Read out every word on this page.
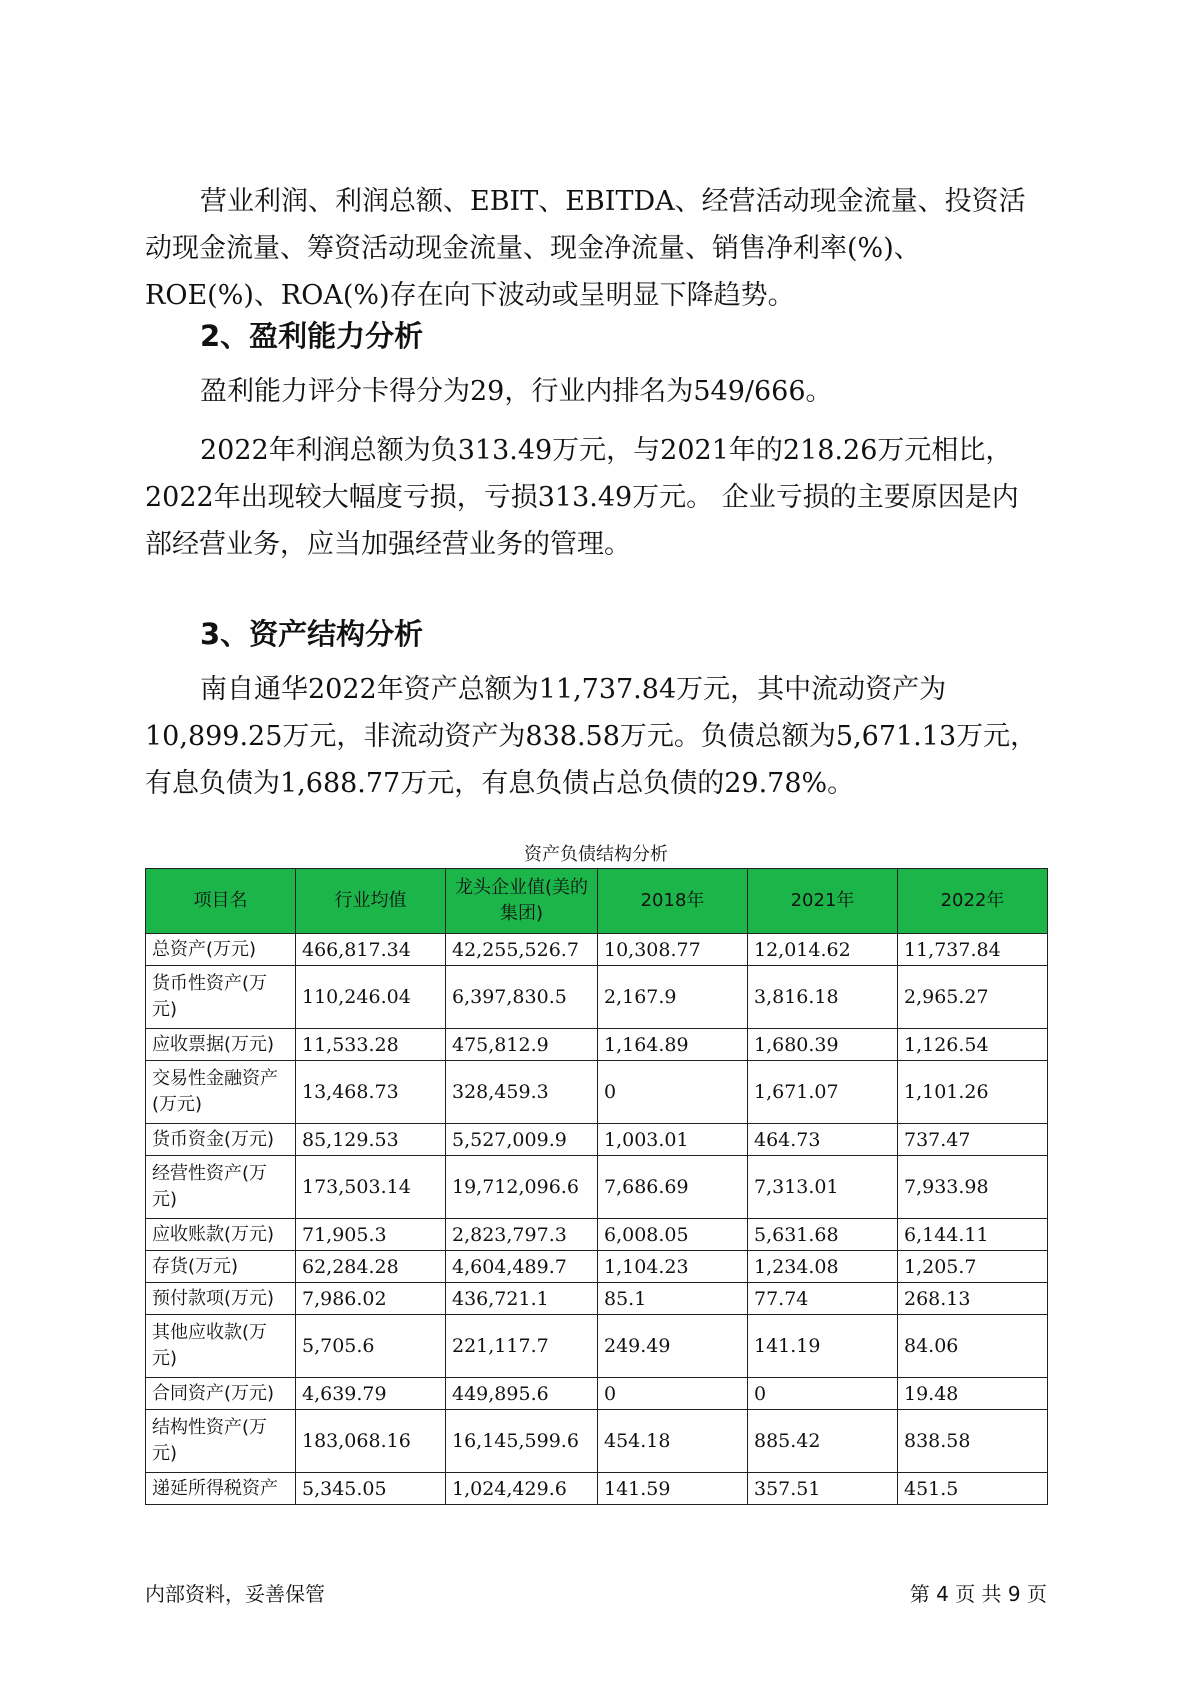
营业利润、利润总额、EBIT、EBITDA、经营活动现金流量、投资活动现金流量、筹资活动现金流量、现金净流量、销售净利率(%)、ROE(%)、ROA(%)存在向下波动或呈明显下降趋势。

2、盈利能力分析

盈利能力评分卡得分为29，行业内排名为549/666。

2022年利润总额为负313.49万元，与2021年的218.26万元相比，2022年出现较大幅度亏损，亏损313.49万元。 企业亏损的主要原因是内部经营业务，应当加强经营业务的管理。

3、资产结构分析

南自通华2022年资产总额为11,737.84万元，其中流动资产为10,899.25万元，非流动资产为838.58万元。负债总额为5,671.13万元，有息负债为1,688.77万元，有息负债占总负债的29.78%。

资产负债结构分析
项目名	行业均值	龙头企业值(美的集团)	2018年	2021年	2022年
总资产(万元)	466,817.34	42,255,526.7	10,308.77	12,014.62	11,737.84
货币性资产(万元)	110,246.04	6,397,830.5	2,167.9	3,816.18	2,965.27
应收票据(万元)	11,533.28	475,812.9	1,164.89	1,680.39	1,126.54
交易性金融资产(万元)	13,468.73	328,459.3	0	1,671.07	1,101.26
货币资金(万元)	85,129.53	5,527,009.9	1,003.01	464.73	737.47
经营性资产(万元)	173,503.14	19,712,096.6	7,686.69	7,313.01	7,933.98
应收账款(万元)	71,905.3	2,823,797.3	6,008.05	5,631.68	6,144.11
存货(万元)	62,284.28	4,604,489.7	1,104.23	1,234.08	1,205.7
预付款项(万元)	7,986.02	436,721.1	85.1	77.74	268.13
其他应收款(万元)	5,705.6	221,117.7	249.49	141.19	84.06
合同资产(万元)	4,639.79	449,895.6	0	0	19.48
结构性资产(万元)	183,068.16	16,145,599.6	454.18	885.42	838.58
递延所得税资产	5,345.05	1,024,429.6	141.59	357.51	451.5
内部资料，妥善保管	第 4 页 共 9 页
